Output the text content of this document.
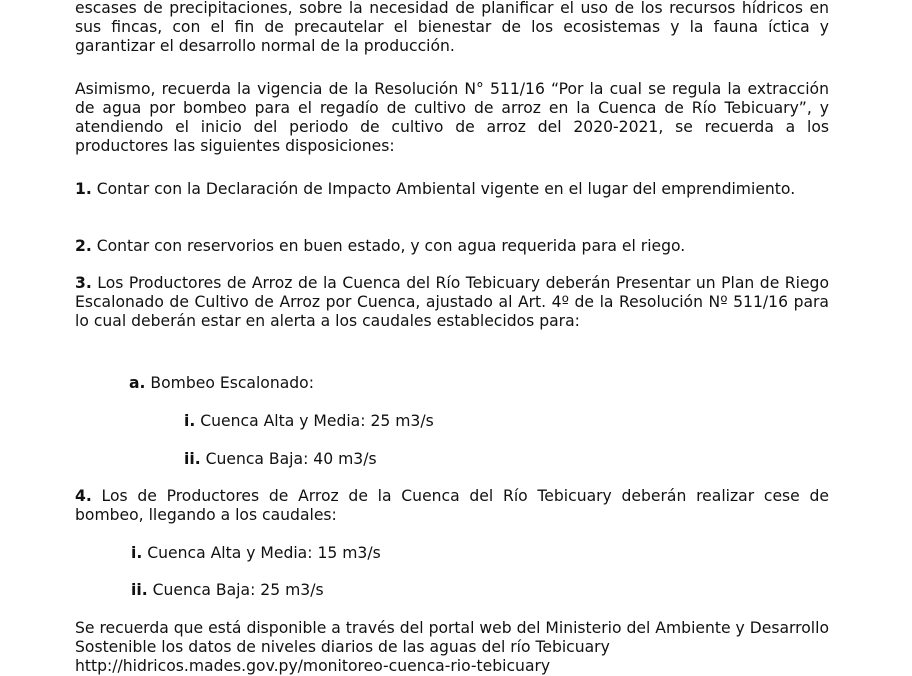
escases de precipitaciones, sobre la necesidad de planificar el uso de los recursos hídricos en sus fincas, con el fin de precautelar el bienestar de los ecosistemas y la fauna íctica y garantizar el desarrollo normal de la producción.

Asimismo, recuerda la vigencia de la Resolución N° 511/16 “Por la cual se regula la extracción de agua por bombeo para el regadío de cultivo de arroz en la Cuenca de Río Tebicuary”, y atendiendo el inicio del periodo de cultivo de arroz del 2020-2021, se recuerda a los productores las siguientes disposiciones:

1. Contar con la Declaración de Impacto Ambiental vigente en el lugar del emprendimiento.

2. Contar con reservorios en buen estado, y con agua requerida para el riego.

3. Los Productores de Arroz de la Cuenca del Río Tebicuary deberán Presentar un Plan de Riego Escalonado de Cultivo de Arroz por Cuenca, ajustado al Art. 4º de la Resolución Nº 511/16 para lo cual deberán estar en alerta a los caudales establecidos para:

a. Bombeo Escalonado:

i. Cuenca Alta y Media: 25 m3/s

ii. Cuenca Baja: 40 m3/s

4. Los de Productores de Arroz de la Cuenca del Río Tebicuary deberán realizar cese de bombeo, llegando a los caudales:

i. Cuenca Alta y Media: 15 m3/s

ii. Cuenca Baja: 25 m3/s

Se recuerda que está disponible a través del portal web del Ministerio del Ambiente y Desarrollo Sostenible los datos de niveles diarios de las aguas del río Tebicuary

http://hidricos.mades.gov.py/monitoreo-cuenca-rio-tebicuary
